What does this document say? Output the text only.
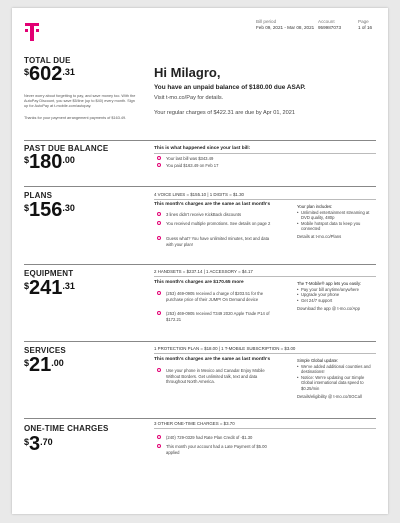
Bill period
Feb 09, 2021 - Mar 08, 2021
Account
959987073
Page
1 of 16
TOTAL DUE
$^{\$}602^{.31}$
Never worry about forgetting to pay, and save money too. With the AutoPay Discount, you save $5/line (up to $40) every month. Sign up for AutoPay at t-mobile.com/autopay.
Thanks for your payment arrangement payments of $163.49.
Hi Milagro,
You have an unpaid balance of $180.00 due ASAP.
Visit t-mo.co/Pay for details.
Your regular charges of $422.31 are due by Apr 01, 2021
PAST DUE BALANCE
$^{\$}180^{.00}$
This is what happened since your last bill:
Your last bill was $343.49
You paid $163.49 on Feb 17
PLANS
$^{\$}156^{.30}$
4 VOICE LINES = $155.10 | 1 DIGITS = $1.30
This month's charges are the same as last month's
3 lines didn't receive KickBack discounts
You received multiple promotions. See details on page 2
Guess what? You have unlimited minutes, text and data with your plan!
Your plan includes:
• Unlimited entertainment streaming at DVD quality, 480p
• Mobile hotspot data to keep you connected
Details at t-mo.co/Plans
EQUIPMENT
$^{\$}241^{.31}$
2 HANDSETS = $237.14 | 1 ACCESSORY = $4.17
This month's charges are $170.65 more
(253) 469-0905 received a charge of $203.51 for the purchase price of their JUMP! On Demand device
(253) 469-0905 received T349 2020 Apple Trade P14 of $172.21
The T-Mobile® app lets you easily:
• Pay your bill anytime/anywhere
• Upgrade your phone
• Get 24/7 support
Download the app @ t-mo.co/App
SERVICES
$^{\$}21^{.00}$
1 PROTECTION PLAN = $18.00 | 1 T-MOBILE SUBSCRIPTION = $3.00
This month's charges are the same as last month's
Use your phone in Mexico and Canada! Enjoy Mobile Without Borders. Get unlimited talk, text and data throughout North America.
Simple Global update:
• We've added additional countries and destinations!
• Notice: We're updating our Simple Global international data speed to $0.25/min
Details/eligibility @ t-mo.co/SGCall
ONE-TIME CHARGES
$^{\$}3^{.70}$
3 OTHER ONE-TIME CHARGES = $3.70
(240) 729-0329 had Rate Plan Credit of -$1.30
This month your account had a Late Payment of $5.00 applied
